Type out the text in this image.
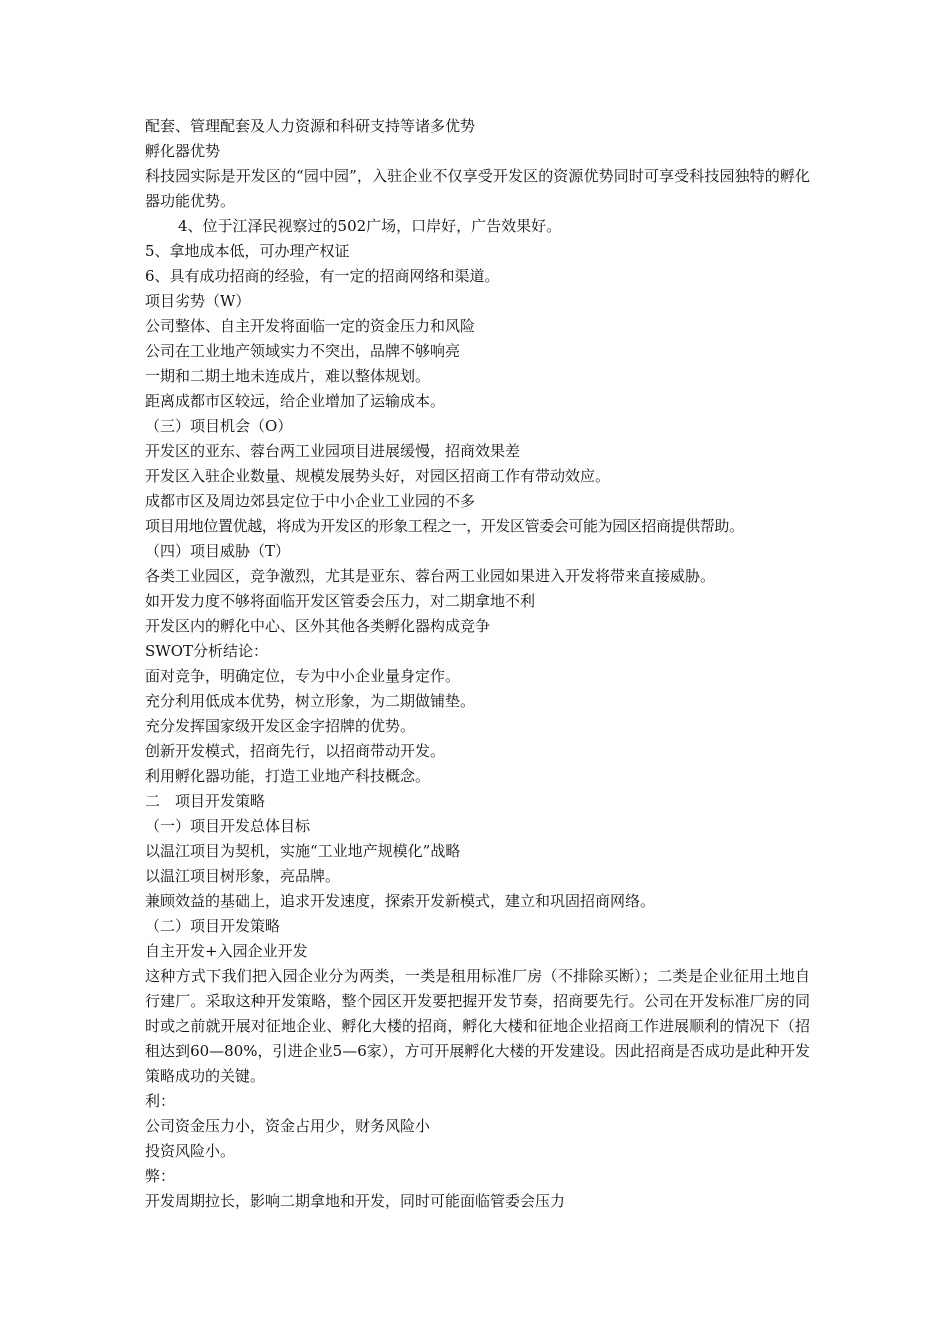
配套、管理配套及人力资源和科研支持等诸多优势
孵化器优势
科技园实际是开发区的“园中园”，入驻企业不仅享受开发区的资源优势同时可享受科技园独特的孵化器功能优势。
4、位于江泽民视察过的502广场，口岸好，广告效果好。
5、拿地成本低，可办理产权证
6、具有成功招商的经验，有一定的招商网络和渠道。
项目劣势（W）
公司整体、自主开发将面临一定的资金压力和风险
公司在工业地产领域实力不突出，品牌不够响亮
一期和二期土地未连成片，难以整体规划。
距离成都市区较远，给企业增加了运输成本。
（三）项目机会（O）
开发区的亚东、蓉台两工业园项目进展缓慢，招商效果差
开发区入驻企业数量、规模发展势头好，对园区招商工作有带动效应。
成都市区及周边郊县定位于中小企业工业园的不多
项目用地位置优越，将成为开发区的形象工程之一，开发区管委会可能为园区招商提供帮助。
（四）项目威胁（T）
各类工业园区，竞争激烈，尤其是亚东、蓉台两工业园如果进入开发将带来直接威胁。
如开发力度不够将面临开发区管委会压力，对二期拿地不利
开发区内的孵化中心、区外其他各类孵化器构成竞争
SWOT分析结论：
面对竞争，明确定位，专为中小企业量身定作。
充分利用低成本优势，树立形象，为二期做铺垫。
充分发挥国家级开发区金字招牌的优势。
创新开发模式，招商先行，以招商带动开发。
利用孵化器功能，打造工业地产科技概念。
二　项目开发策略
（一）项目开发总体目标
以温江项目为契机，实施“工业地产规模化”战略
以温江项目树形象，亮品牌。
兼顾效益的基础上，追求开发速度，探索开发新模式，建立和巩固招商网络。
（二）项目开发策略
自主开发+入园企业开发
这种方式下我们把入园企业分为两类，一类是租用标准厂房（不排除买断）；二类是企业征用土地自行建厂。采取这种开发策略，整个园区开发要把握开发节奏，招商要先行。公司在开发标准厂房的同时或之前就开展对征地企业、孵化大楼的招商，孵化大楼和征地企业招商工作进展顺利的情况下（招租达到60—80%，引进企业5—6家），方可开展孵化大楼的开发建设。因此招商是否成功是此种开发策略成功的关键。
利：
公司资金压力小，资金占用少，财务风险小
投资风险小。
弊：
开发周期拉长，影响二期拿地和开发，同时可能面临管委会压力
